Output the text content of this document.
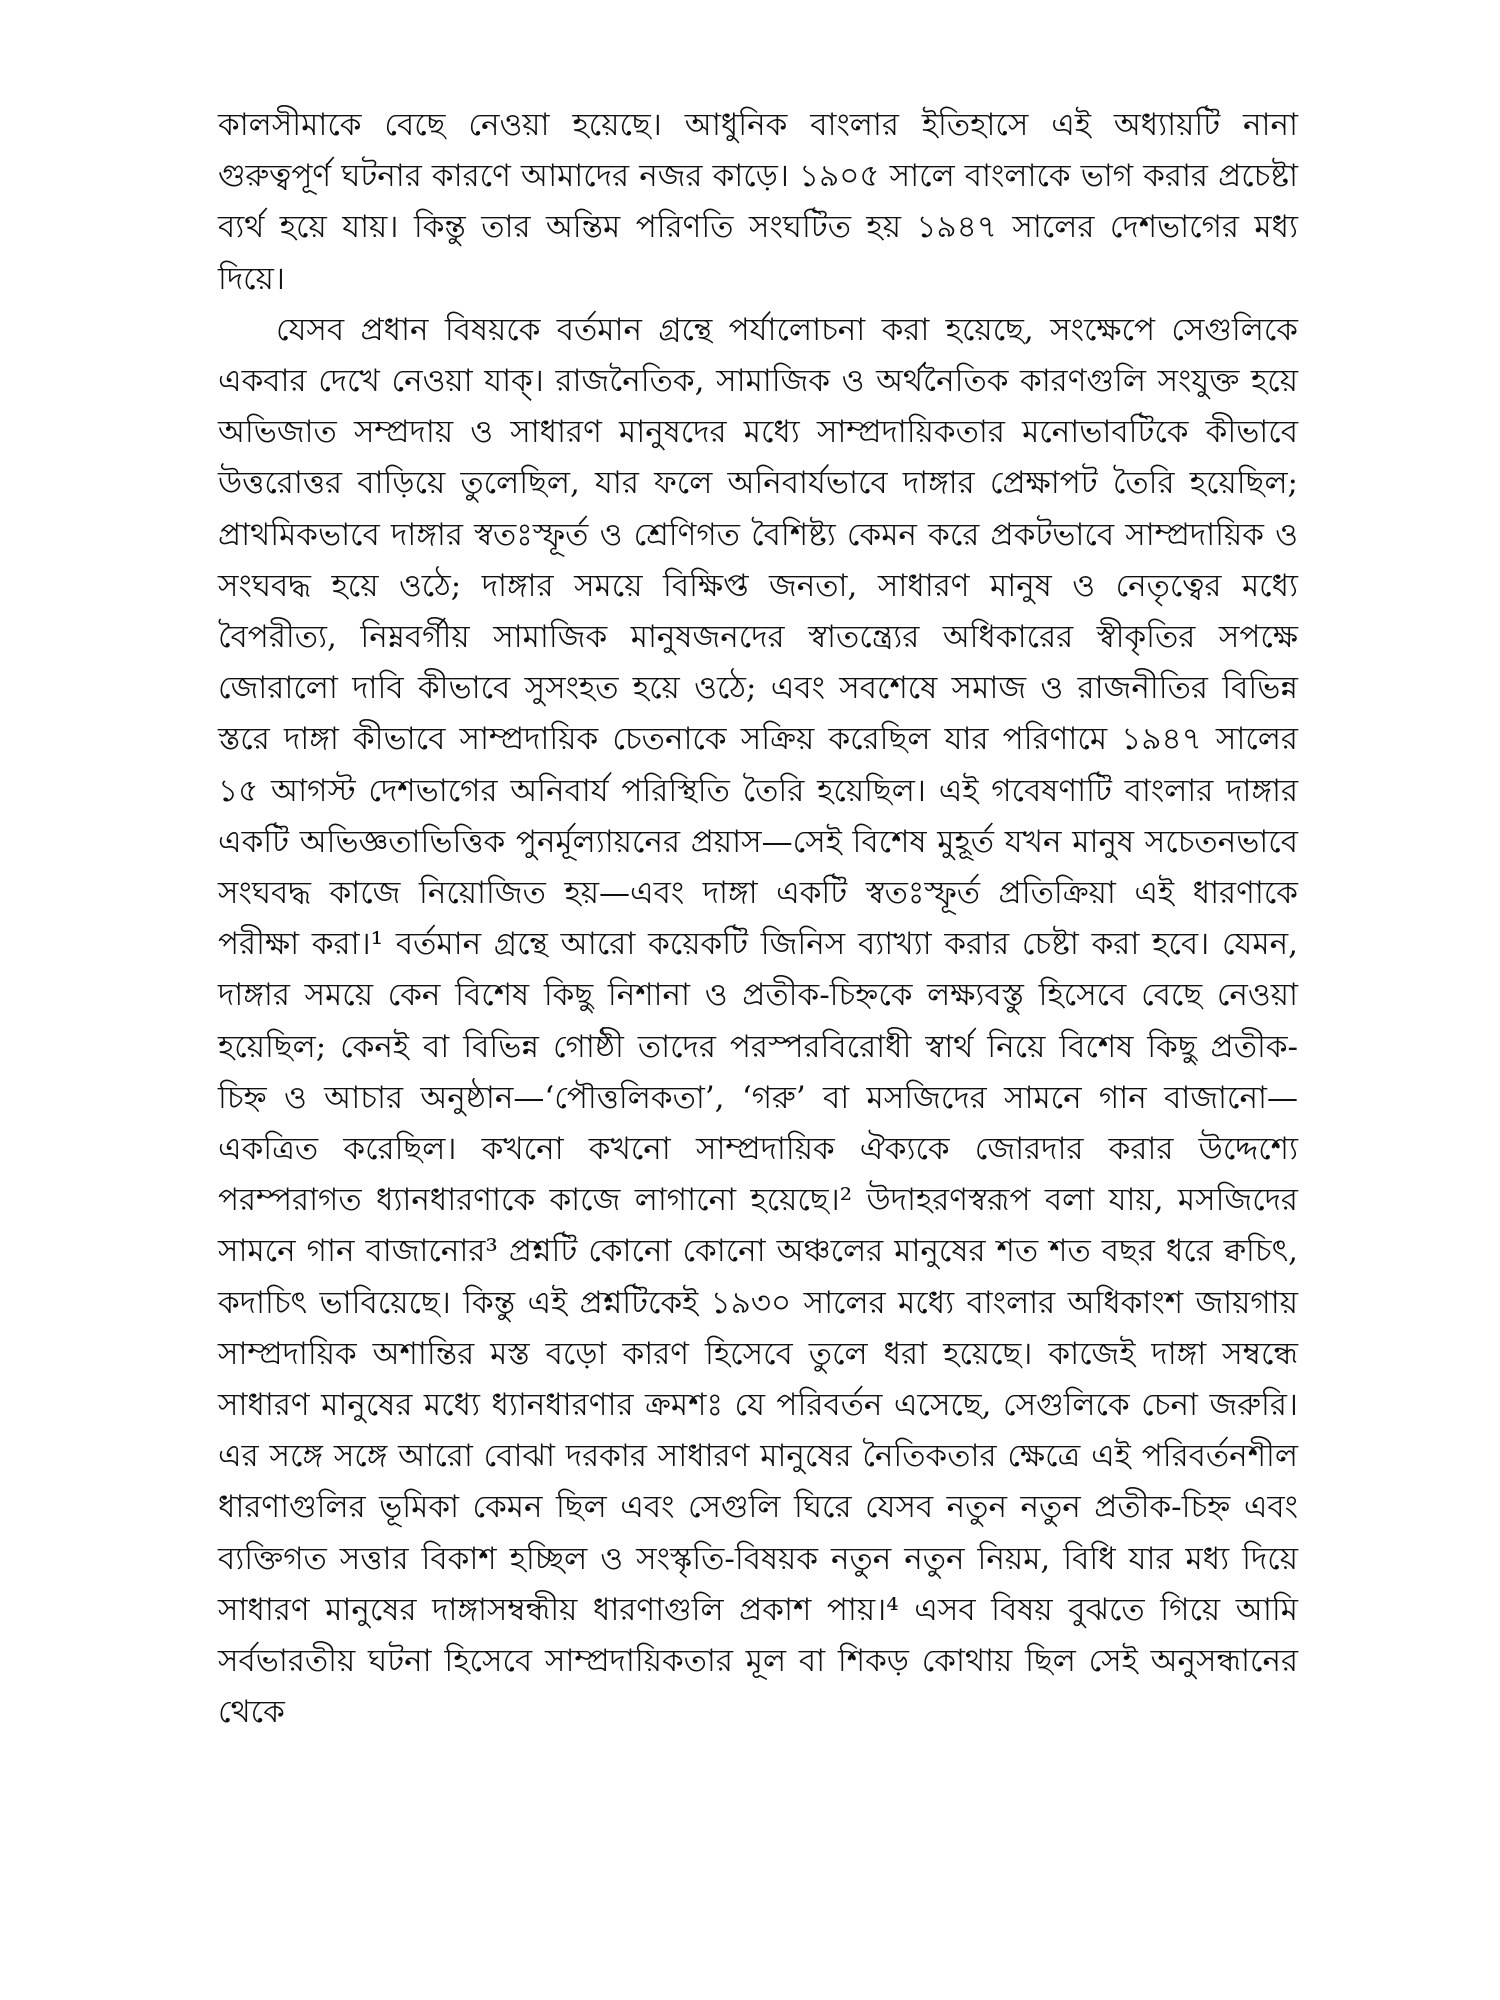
কালসীমাকে বেছে নেওয়া হয়েছে। আধুনিক বাংলার ইতিহাসে এই অধ্যায়টি নানা গুরুত্বপূর্ণ ঘটনার কারণে আমাদের নজর কাড়ে। ১৯০৫ সালে বাংলাকে ভাগ করার প্রচেষ্টা ব্যর্থ হয়ে যায়। কিন্তু তার অন্তিম পরিণতি সংঘটিত হয় ১৯৪৭ সালের দেশভাগের মধ্য দিয়ে।

যেসব প্রধান বিষয়কে বর্তমান গ্রন্থে পর্যালোচনা করা হয়েছে, সংক্ষেপে সেগুলিকে একবার দেখে নেওয়া যাক্। রাজনৈতিক, সামাজিক ও অর্থনৈতিক কারণগুলি সংযুক্ত হয়ে অভিজাত সম্প্রদায় ও সাধারণ মানুষদের মধ্যে সাম্প্রদায়িকতার মনোভাবটিকে কীভাবে উত্তরোত্তর বাড়িয়ে তুলেছিল, যার ফলে অনিবার্যভাবে দাঙ্গার প্রেক্ষাপট তৈরি হয়েছিল; প্রাথমিকভাবে দাঙ্গার স্বতঃস্ফূর্ত ও শ্রেণিগত বৈশিষ্ট্য কেমন করে প্রকটভাবে সাম্প্রদায়িক ও সংঘবদ্ধ হয়ে ওঠে; দাঙ্গার সময়ে বিক্ষিপ্ত জনতা, সাধারণ মানুষ ও নেতৃত্বের মধ্যে বৈপরীত্য, নিম্নবর্গীয় সামাজিক মানুষজনদের স্বাতন্ত্র্যের অধিকারের স্বীকৃতির সপক্ষে জোরালো দাবি কীভাবে সুসংহত হয়ে ওঠে; এবং সবশেষে সমাজ ও রাজনীতির বিভিন্ন স্তরে দাঙ্গা কীভাবে সাম্প্রদায়িক চেতনাকে সক্রিয় করেছিল যার পরিণামে ১৯৪৭ সালের ১৫ আগস্ট দেশভাগের অনিবার্য পরিস্থিতি তৈরি হয়েছিল। এই গবেষণাটি বাংলার দাঙ্গার একটি অভিজ্ঞতাভিত্তিক পুনর্মূল্যায়নের প্রয়াস—সেই বিশেষ মুহূর্ত যখন মানুষ সচেতনভাবে সংঘবদ্ধ কাজে নিয়োজিত হয়—এবং দাঙ্গা একটি স্বতঃস্ফূর্ত প্রতিক্রিয়া এই ধারণাকে পরীক্ষা করা।¹ বর্তমান গ্রন্থে আরো কয়েকটি জিনিস ব্যাখ্যা করার চেষ্টা করা হবে। যেমন, দাঙ্গার সময়ে কেন বিশেষ কিছু নিশানা ও প্রতীক-চিহ্নকে লক্ষ্যবস্তু হিসেবে বেছে নেওয়া হয়েছিল; কেনই বা বিভিন্ন গোষ্ঠী তাদের পরস্পরবিরোধী স্বার্থ নিয়ে বিশেষ কিছু প্রতীক-চিহ্ন ও আচার অনুষ্ঠান—‘পৌত্তলিকতা’, ‘গরু’ বা মসজিদের সামনে গান বাজানো—একত্রিত করেছিল। কখনো কখনো সাম্প্রদায়িক ঐক্যকে জোরদার করার উদ্দেশ্যে পরম্পরাগত ধ্যানধারণাকে কাজে লাগানো হয়েছে।² উদাহরণস্বরূপ বলা যায়, মসজিদের সামনে গান বাজানোর³ প্রশ্নটি কোনো কোনো অঞ্চলের মানুষের শত শত বছর ধরে ক্বচিৎ, কদাচিৎ ভাবিয়েছে। কিন্তু এই প্রশ্নটিকেই ১৯৩০ সালের মধ্যে বাংলার অধিকাংশ জায়গায় সাম্প্রদায়িক অশান্তির মস্ত বড়ো কারণ হিসেবে তুলে ধরা হয়েছে। কাজেই দাঙ্গা সম্বন্ধে সাধারণ মানুষের মধ্যে ধ্যানধারণার ক্রমশঃ যে পরিবর্তন এসেছে, সেগুলিকে চেনা জরুরি। এর সঙ্গে সঙ্গে আরো বোঝা দরকার সাধারণ মানুষের নৈতিকতার ক্ষেত্রে এই পরিবর্তনশীল ধারণাগুলির ভূমিকা কেমন ছিল এবং সেগুলি ঘিরে যেসব নতুন নতুন প্রতীক-চিহ্ন এবং ব্যক্তিগত সত্তার বিকাশ হচ্ছিল ও সংস্কৃতি-বিষয়ক নতুন নতুন নিয়ম, বিধি যার মধ্য দিয়ে সাধারণ মানুষের দাঙ্গাসম্বন্ধীয় ধারণাগুলি প্রকাশ পায়।⁴ এসব বিষয় বুঝতে গিয়ে আমি সর্বভারতীয় ঘটনা হিসেবে সাম্প্রদায়িকতার মূল বা শিকড় কোথায় ছিল সেই অনুসন্ধানের থেকে
